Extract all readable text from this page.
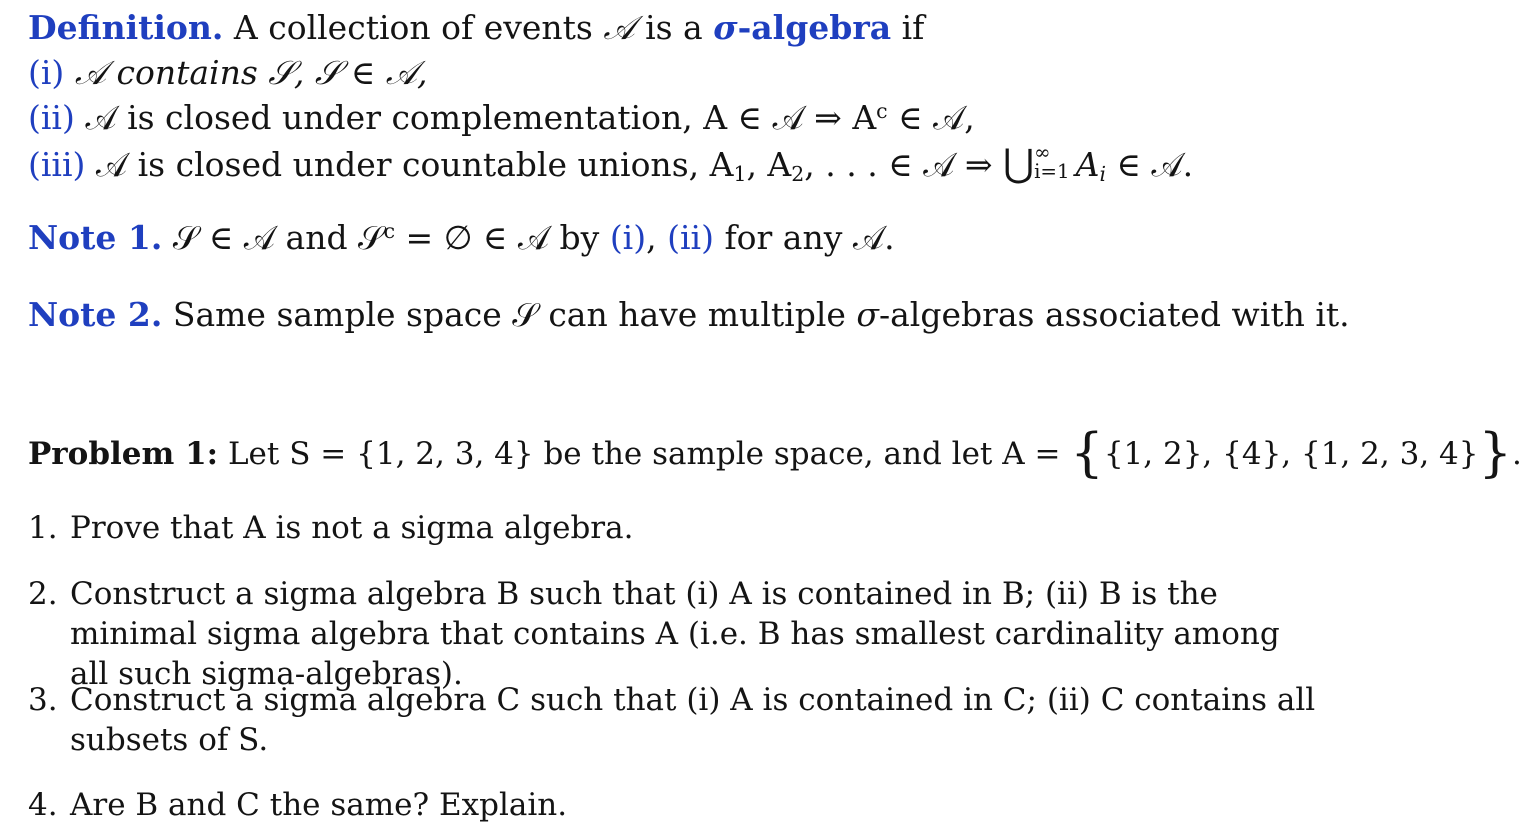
Definition. A collection of events 𝒜 is a σ-algebra if
(i) 𝒜 contains 𝒮, 𝒮 ∈ 𝒜,
(ii) 𝒜 is closed under complementation, A ∈ 𝒜 ⇒ $A^c$ ∈ 𝒜,
(iii) 𝒜 is closed under countable unions, $A_1$, $A_2$, . . . ∈ 𝒜 ⇒ ⋃ ∞
i=1 $A_i$ ∈ 𝒜.
Note 1. 𝒮 ∈ 𝒜 and 𝒮$^c$ = ∅ ∈ 𝒜 by (i), (ii) for any 𝒜.
Note 2. Same sample space 𝒮 can have multiple σ-algebras associated with it.
Problem 1: Let S = {1, 2, 3, 4} be the sample space, and let A = {{1, 2}, {4}, {1, 2, 3, 4}}.
1. Prove that A is not a sigma algebra.
2. Construct a sigma algebra B such that (i) A is contained in B; (ii) B is the minimal sigma algebra that contains A (i.e. B has smallest cardinality among all such sigma-algebras).
3. Construct a sigma algebra C such that (i) A is contained in C; (ii) C contains all subsets of S.
4. Are B and C the same? Explain.
